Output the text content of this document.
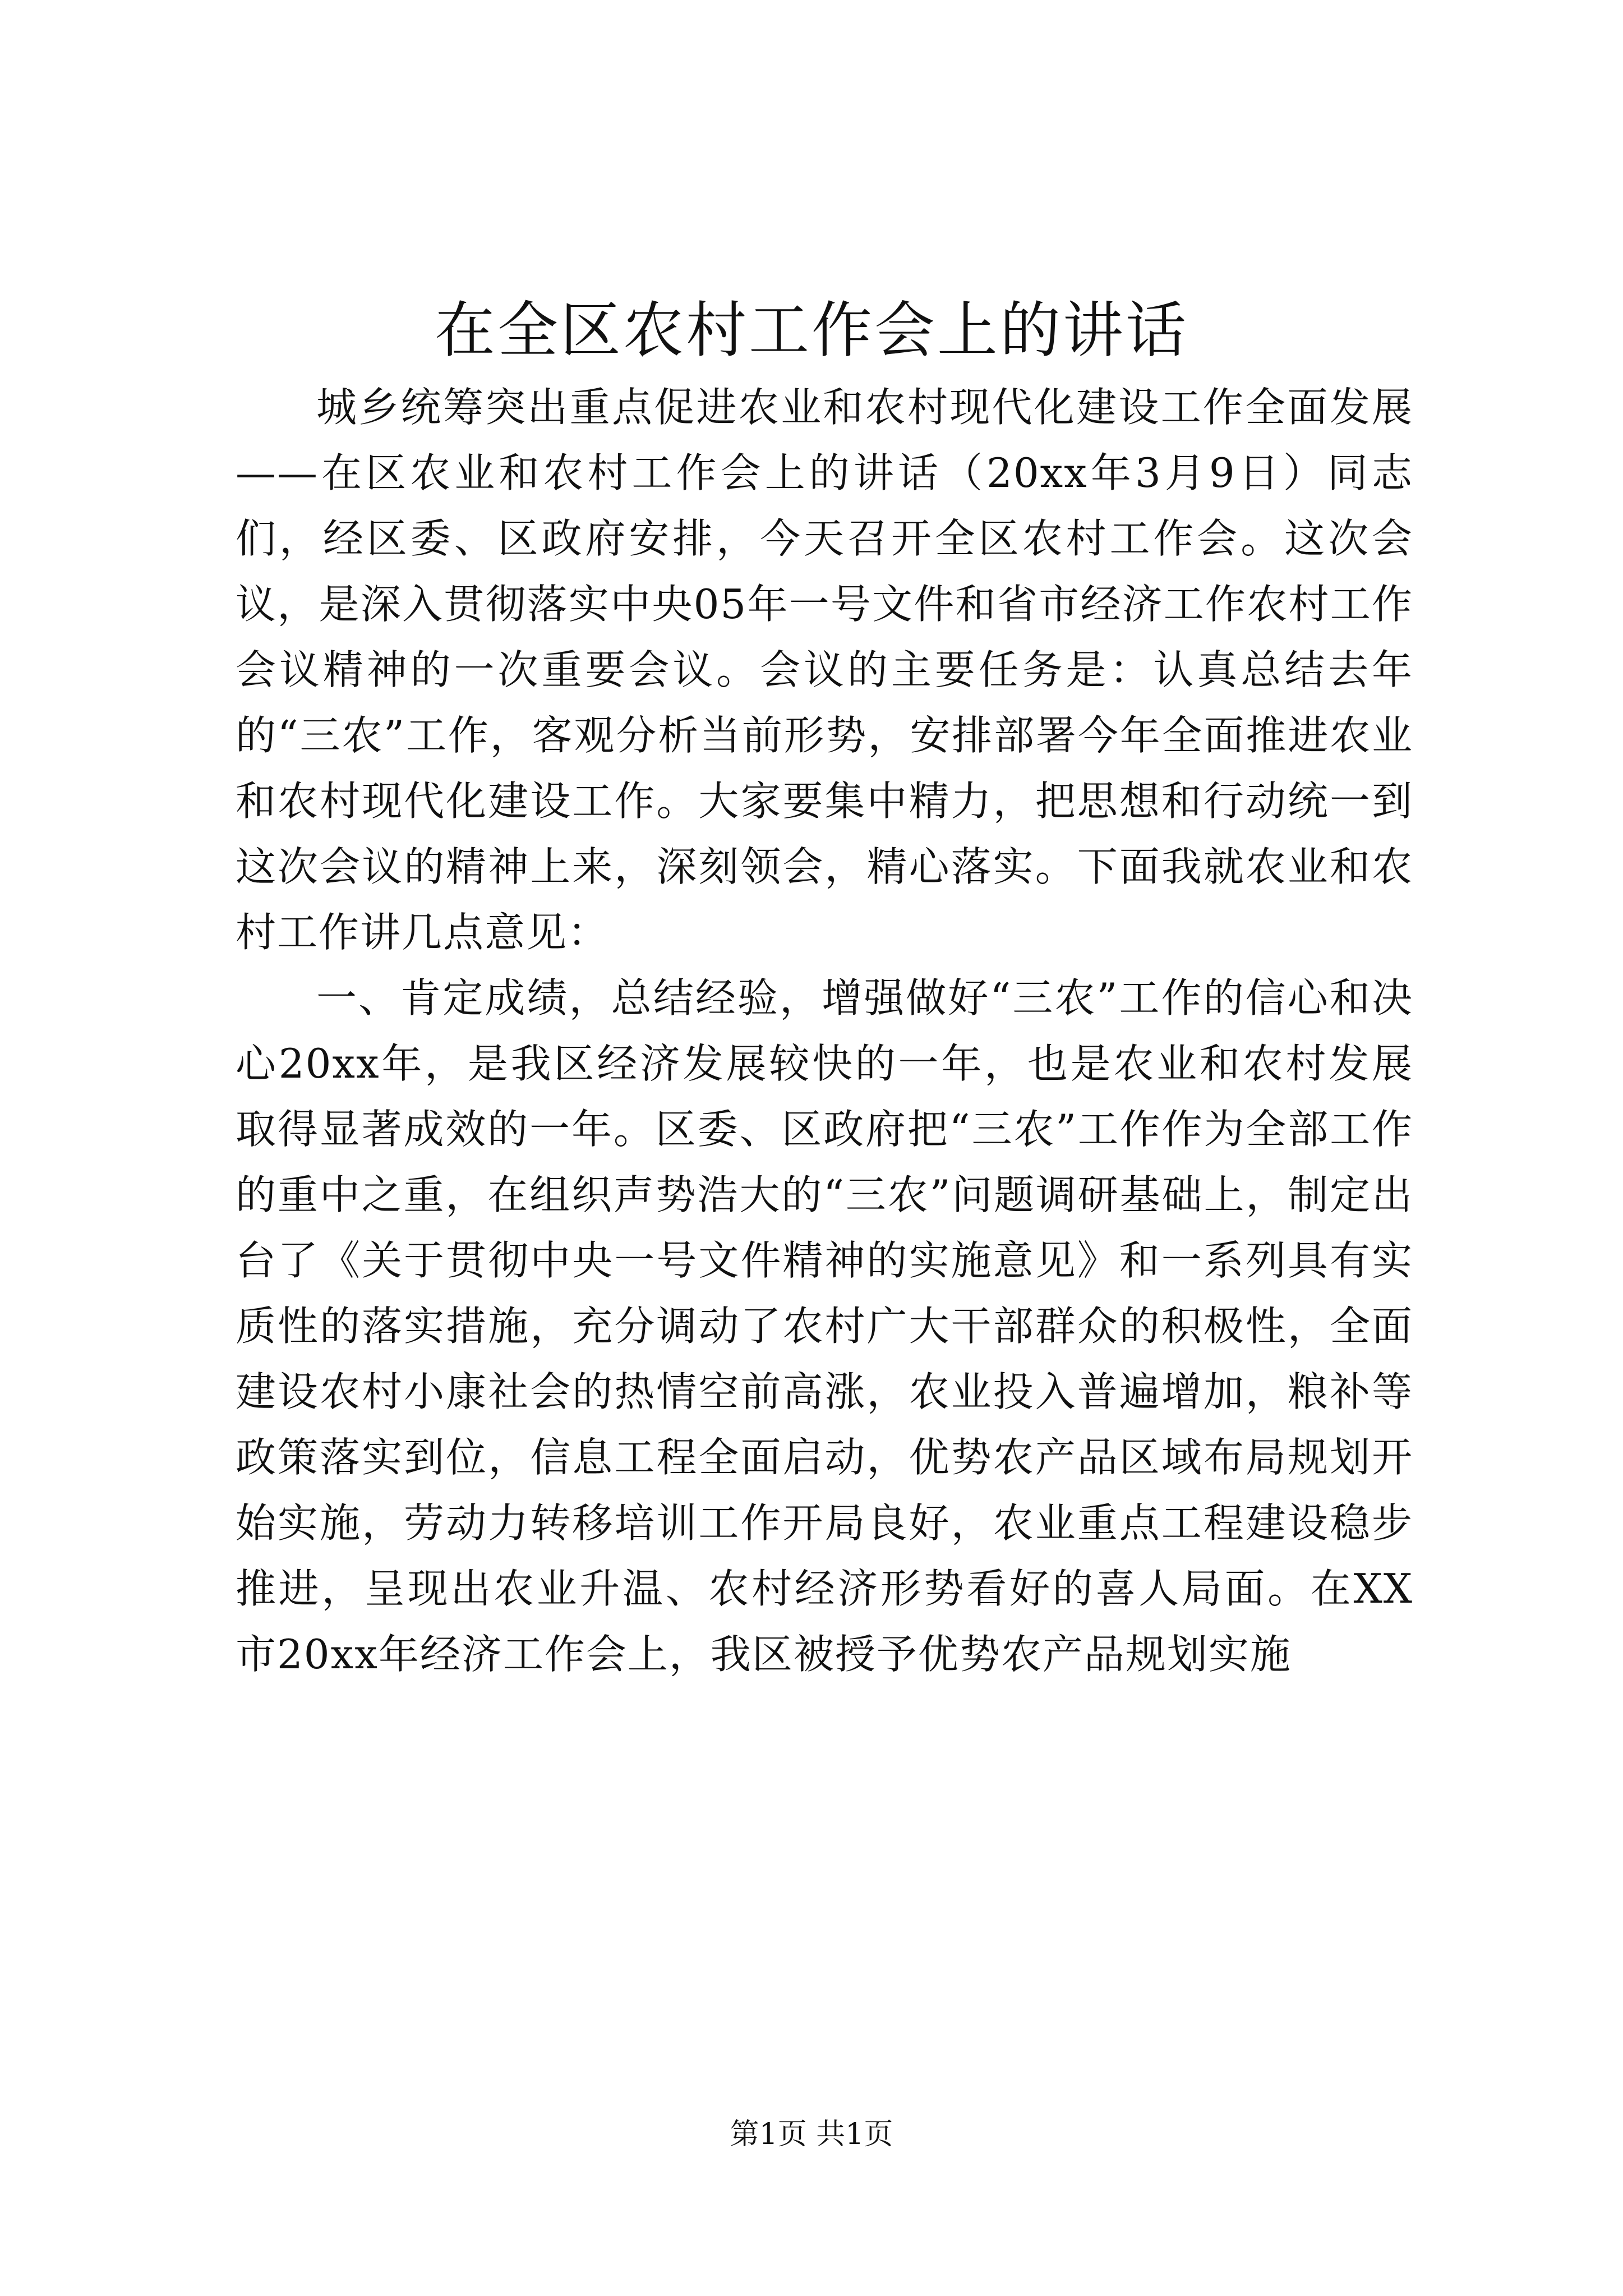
在全区农村工作会上的讲话

城乡统筹突出重点促进农业和农村现代化建设工作全面发展——在区农业和农村工作会上的讲话（20xx年3月9日）同志们，经区委、区政府安排，今天召开全区农村工作会。这次会议，是深入贯彻落实中央05年一号文件和省市经济工作农村工作会议精神的一次重要会议。会议的主要任务是：认真总结去年的“三农”工作，客观分析当前形势，安排部署今年全面推进农业和农村现代化建设工作。大家要集中精力，把思想和行动统一到这次会议的精神上来，深刻领会，精心落实。下面我就农业和农村工作讲几点意见：

一、肯定成绩，总结经验，增强做好“三农”工作的信心和决心20xx年，是我区经济发展较快的一年，也是农业和农村发展取得显著成效的一年。区委、区政府把“三农”工作作为全部工作的重中之重，在组织声势浩大的“三农”问题调研基础上，制定出台了《关于贯彻中央一号文件精神的实施意见》和一系列具有实质性的落实措施，充分调动了农村广大干部群众的积极性，全面建设农村小康社会的热情空前高涨，农业投入普遍增加，粮补等政策落实到位，信息工程全面启动，优势农产品区域布局规划开始实施，劳动力转移培训工作开局良好，农业重点工程建设稳步推进，呈现出农业升温、农村经济形势看好的喜人局面。在XX市20xx年经济工作会上，我区被授予优势农产品规划实施

第1页 共1页
